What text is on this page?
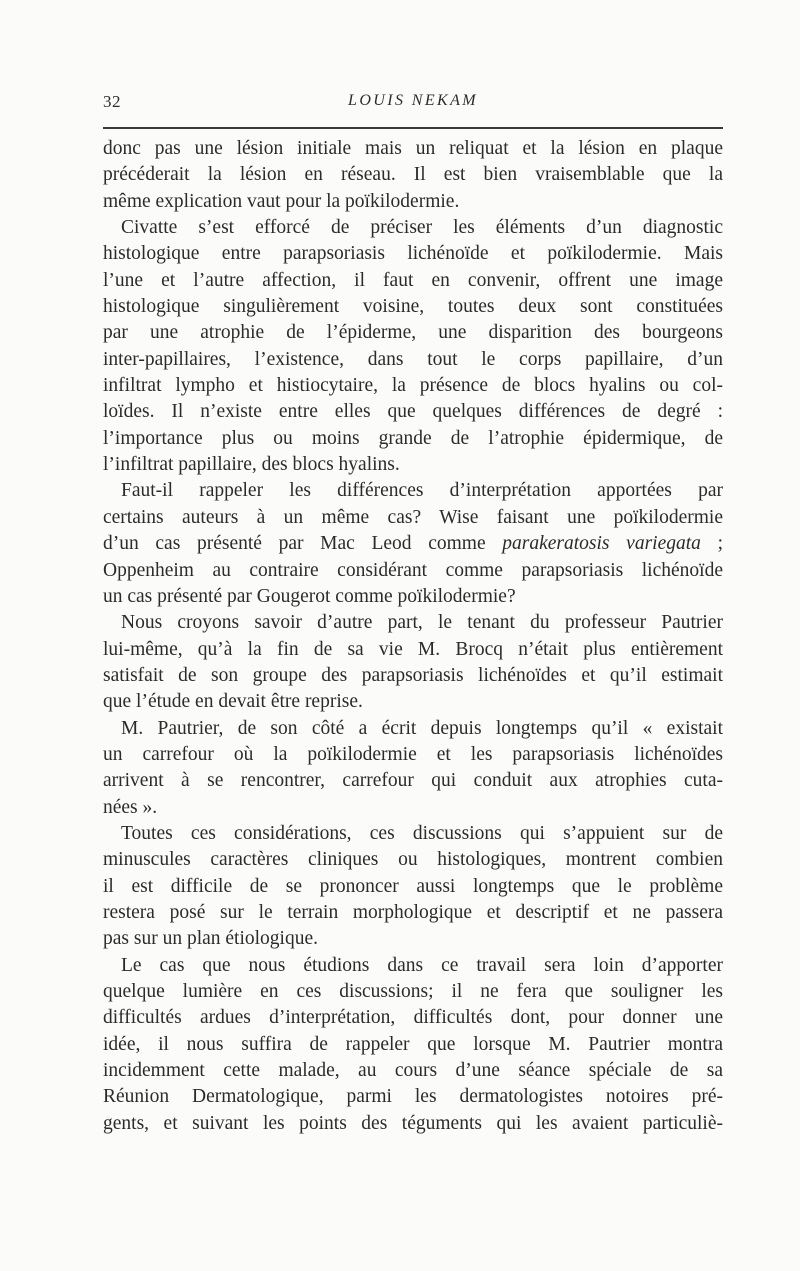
32	LOUIS NEKAM
donc pas une lésion initiale mais un reliquat et la lésion en plaque
précéderait la lésion en réseau. Il est bien vraisemblable que la
même explication vaut pour la poïkilodermie.
Civatte s’est efforcé de préciser les éléments d’un diagnostic
histologique entre parapsoriasis lichénoïde et poïkilodermie. Mais
l’une et l’autre affection, il faut en convenir, offrent une image
histologique singulièrement voisine, toutes deux sont constituées
par une atrophie de l’épiderme, une disparition des bourgeons
inter-papillaires, l’existence, dans tout le corps papillaire, d’un
infiltrat lympho et histiocytaire, la présence de blocs hyalins ou col-
loïdes. Il n’existe entre elles que quelques différences de degré :
l’importance plus ou moins grande de l’atrophie épidermique, de
l’infiltrat papillaire, des blocs hyalins.
Faut-il rappeler les différences d’interprétation apportées par
certains auteurs à un même cas? Wise faisant une poïkilodermie
d’un cas présenté par Mac Leod comme parakeratosis variegata ;
Oppenheim au contraire considérant comme parapsoriasis lichénoïde
un cas présenté par Gougerot comme poïkilodermie?
Nous croyons savoir d’autre part, le tenant du professeur Pautrier
lui-même, qu’à la fin de sa vie M. Brocq n’était plus entièrement
satisfait de son groupe des parapsoriasis lichénoïdes et qu’il estimait
que l’étude en devait être reprise.
M. Pautrier, de son côté a écrit depuis longtemps qu’il « existait
un carrefour où la poïkilodermie et les parapsoriasis lichénoïdes
arrivent à se rencontrer, carrefour qui conduit aux atrophies cuta-
nées ».
Toutes ces considérations, ces discussions qui s’appuient sur de
minuscules caractères cliniques ou histologiques, montrent combien
il est difficile de se prononcer aussi longtemps que le problème
restera posé sur le terrain morphologique et descriptif et ne passera
pas sur un plan étiologique.
Le cas que nous étudions dans ce travail sera loin d’apporter
quelque lumière en ces discussions; il ne fera que souligner les
difficultés ardues d’interprétation, difficultés dont, pour donner une
idée, il nous suffira de rappeler que lorsque M. Pautrier montra
incidemment cette malade, au cours d’une séance spéciale de sa
Réunion Dermatologique, parmi les dermatologistes notoires pré-
gents, et suivant les points des téguments qui les avaient particuliè-
